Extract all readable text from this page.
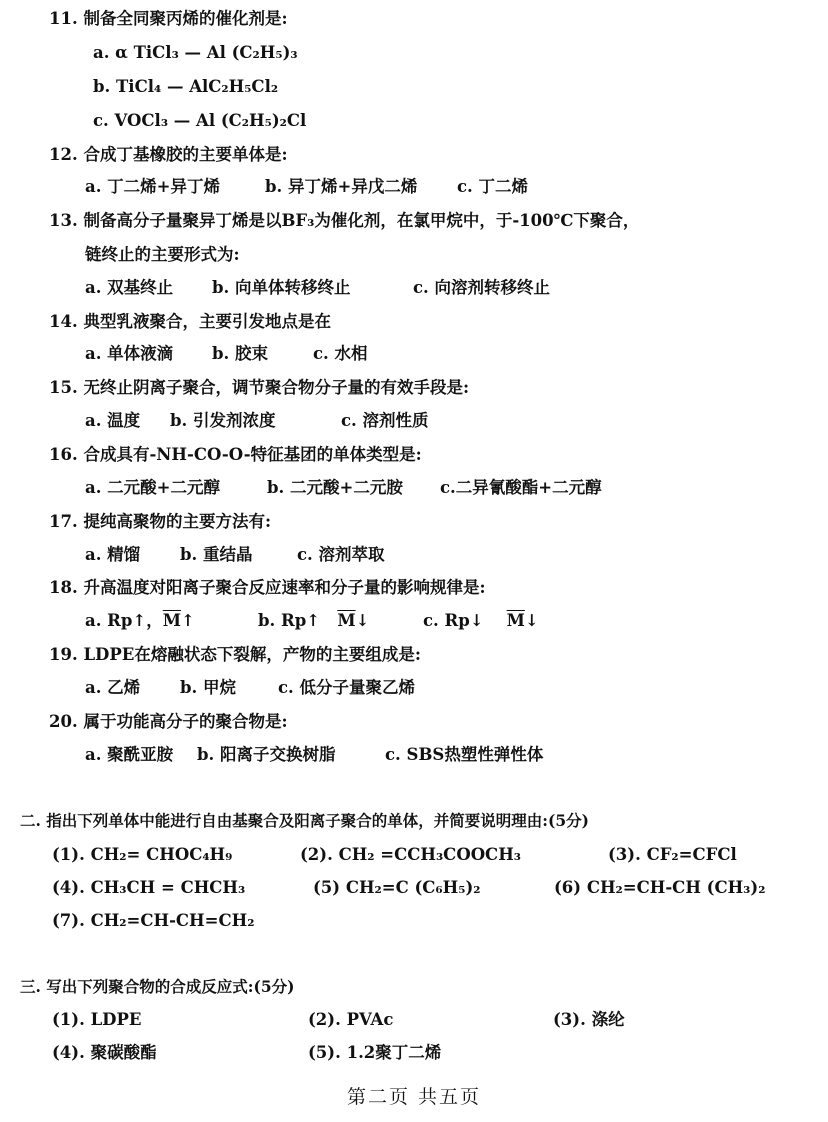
11. 制备全同聚丙烯的催化剂是:
a. α TiCl₃ — Al (C₂H₅)₃
b. TiCl₄ — AlC₂H₅Cl₂
c. VOCl₃ — Al (C₂H₅)₂Cl
12. 合成丁基橡胶的主要单体是:
a. 丁二烯+异丁烯	b. 异丁烯+异戊二烯 c. 丁二烯
13. 制备高分子量聚异丁烯是以BF₃为催化剂，在氯甲烷中，于-100℃下聚合，
链终止的主要形式为:
a. 双基终止 b. 向单体转移终止	c. 向溶剂转移终止
14. 典型乳液聚合，主要引发地点是在
a. 单体液滴 b. 胶束	c. 水相
15. 无终止阴离子聚合，调节聚合物分子量的有效手段是:
a. 温度 b. 引发剂浓度	c. 溶剂性质
16. 合成具有-NH-CO-O-特征基团的单体类型是:
a. 二元酸+二元醇	b. 二元酸+二元胺 c.二异氰酸酯+二元醇
17. 提纯高聚物的主要方法有:
a. 精馏 b. 重结晶	c. 溶剂萃取
18. 升高温度对阳离子聚合反应速率和分子量的影响规律是:
a. Rp↑，$\overline{M}↑$	b. Rp↑ $\overline{M}↓$	c. Rp↓ $\overline{M}↓$
19. LDPE在熔融状态下裂解，产物的主要组成是:
a. 乙烯 b. 甲烷	c. 低分子量聚乙烯
20. 属于功能高分子的聚合物是:
a. 聚酰亚胺 b. 阳离子交换树脂	c. SBS热塑性弹性体
二. 指出下列单体中能进行自由基聚合及阳离子聚合的单体，并简要说明理由:(5分)
(1). CH₂= CHOC₄H₉	(2). CH₂ =CCH₃COOCH₃	(3). CF₂=CFCl
(4). CH₃CH = CHCH₃	(5) CH₂=C (C₆H₅)₂	(6) CH₂=CH-CH (CH₃)₂
(7). CH₂=CH-CH=CH₂
三. 写出下列聚合物的合成反应式:(5分)
(1). LDPE	(2). PVAc	(3). 涤纶
(4). 聚碳酸酯	(5). 1.2聚丁二烯
第二页 共五页
